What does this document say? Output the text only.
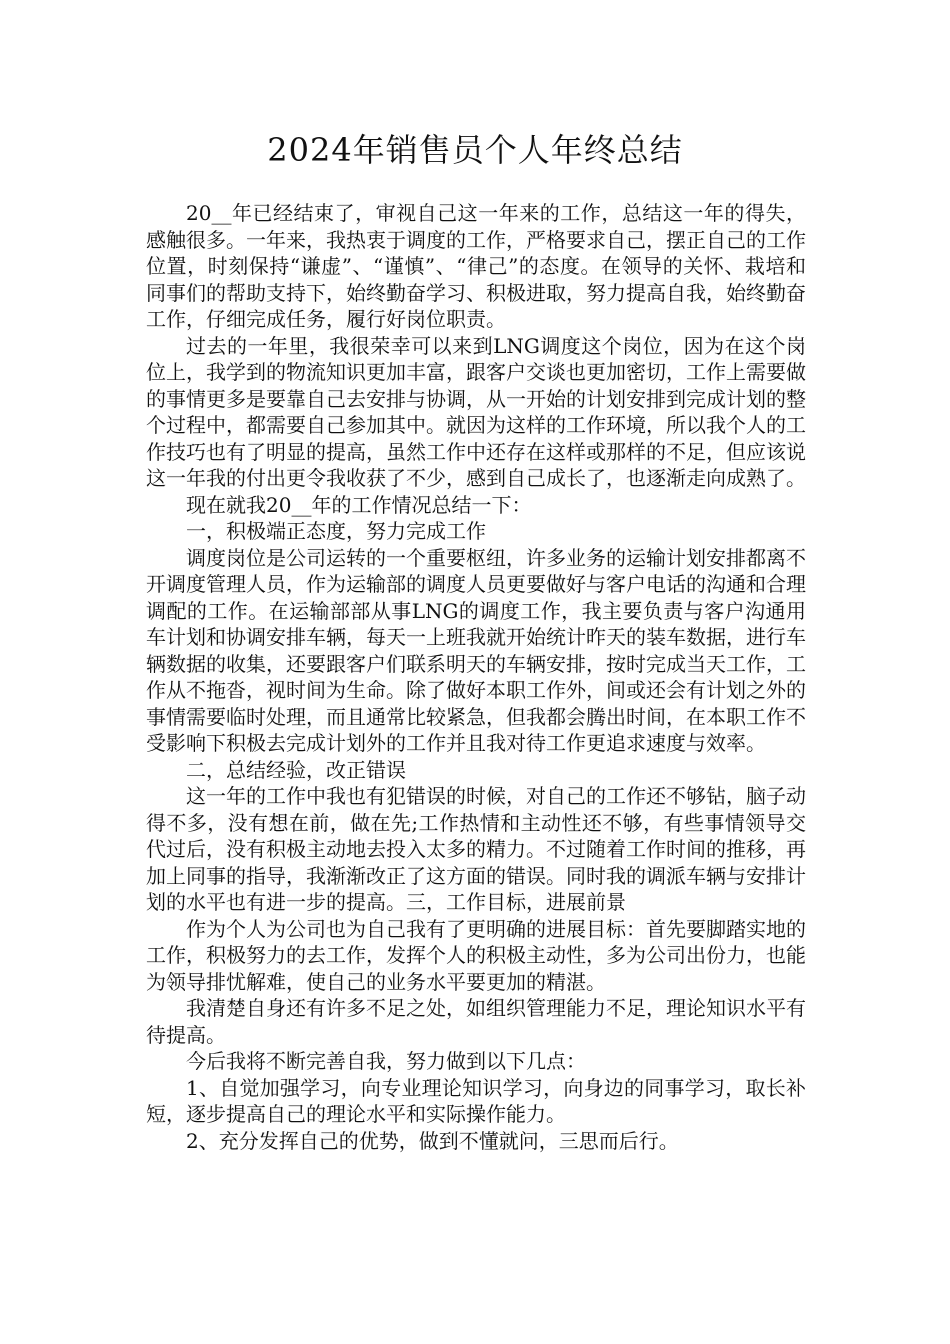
2024年销售员个人年终总结

20__年已经结束了，审视自己这一年来的工作，总结这一年的得失，感触很多。一年来，我热衷于调度的工作，严格要求自己，摆正自己的工作位置，时刻保持“谦虚”、“谨慎”、“律己”的态度。在领导的关怀、栽培和同事们的帮助支持下，始终勤奋学习、积极进取，努力提高自我，始终勤奋工作，仔细完成任务，履行好岗位职责。

过去的一年里，我很荣幸可以来到LNG调度这个岗位，因为在这个岗位上，我学到的物流知识更加丰富，跟客户交谈也更加密切，工作上需要做的事情更多是要靠自己去安排与协调，从一开始的计划安排到完成计划的整个过程中，都需要自己参加其中。就因为这样的工作环境，所以我个人的工作技巧也有了明显的提高，虽然工作中还存在这样或那样的不足，但应该说这一年我的付出更令我收获了不少，感到自己成长了，也逐渐走向成熟了。

现在就我20__年的工作情况总结一下：

一，积极端正态度，努力完成工作

调度岗位是公司运转的一个重要枢纽，许多业务的运输计划安排都离不开调度管理人员，作为运输部的调度人员更要做好与客户电话的沟通和合理调配的工作。在运输部部从事LNG的调度工作，我主要负责与客户沟通用车计划和协调安排车辆，每天一上班我就开始统计昨天的装车数据，进行车辆数据的收集，还要跟客户们联系明天的车辆安排，按时完成当天工作，工作从不拖沓，视时间为生命。除了做好本职工作外，间或还会有计划之外的事情需要临时处理，而且通常比较紧急，但我都会腾出时间，在本职工作不受影响下积极去完成计划外的工作并且我对待工作更追求速度与效率。

二，总结经验，改正错误

这一年的工作中我也有犯错误的时候，对自己的工作还不够钻，脑子动得不多，没有想在前，做在先;工作热情和主动性还不够，有些事情领导交代过后，没有积极主动地去投入太多的精力。不过随着工作时间的推移，再加上同事的指导，我渐渐改正了这方面的错误。同时我的调派车辆与安排计划的水平也有进一步的提高。三，工作目标，进展前景

作为个人为公司也为自己我有了更明确的进展目标：首先要脚踏实地的工作，积极努力的去工作，发挥个人的积极主动性，多为公司出份力，也能为领导排忧解难，使自己的业务水平要更加的精湛。

我清楚自身还有许多不足之处，如组织管理能力不足，理论知识水平有待提高。

今后我将不断完善自我，努力做到以下几点：

1、自觉加强学习，向专业理论知识学习，向身边的同事学习，取长补短，逐步提高自己的理论水平和实际操作能力。

2、充分发挥自己的优势，做到不懂就问，三思而后行。
